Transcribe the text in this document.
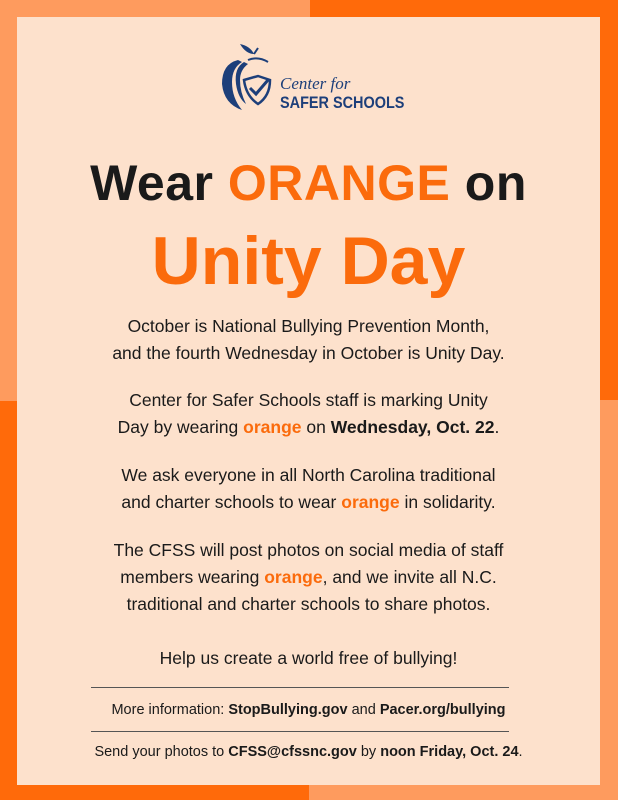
Center for
SAFER SCHOOLS
Wear ORANGE on
Unity Day
October is National Bullying Prevention Month,
and the fourth Wednesday in October is Unity Day.
Center for Safer Schools staff is marking Unity
Day by wearing orange on Wednesday, Oct. 22.
We ask everyone in all North Carolina traditional
and charter schools to wear orange in solidarity.
The CFSS will post photos on social media of staff
members wearing orange, and we invite all N.C.
traditional and charter schools to share photos.
Help us create a world free of bullying!
More information: StopBullying.gov and Pacer.org/bullying
Send your photos to CFSS@cfssnc.gov by noon Friday, Oct. 24.
